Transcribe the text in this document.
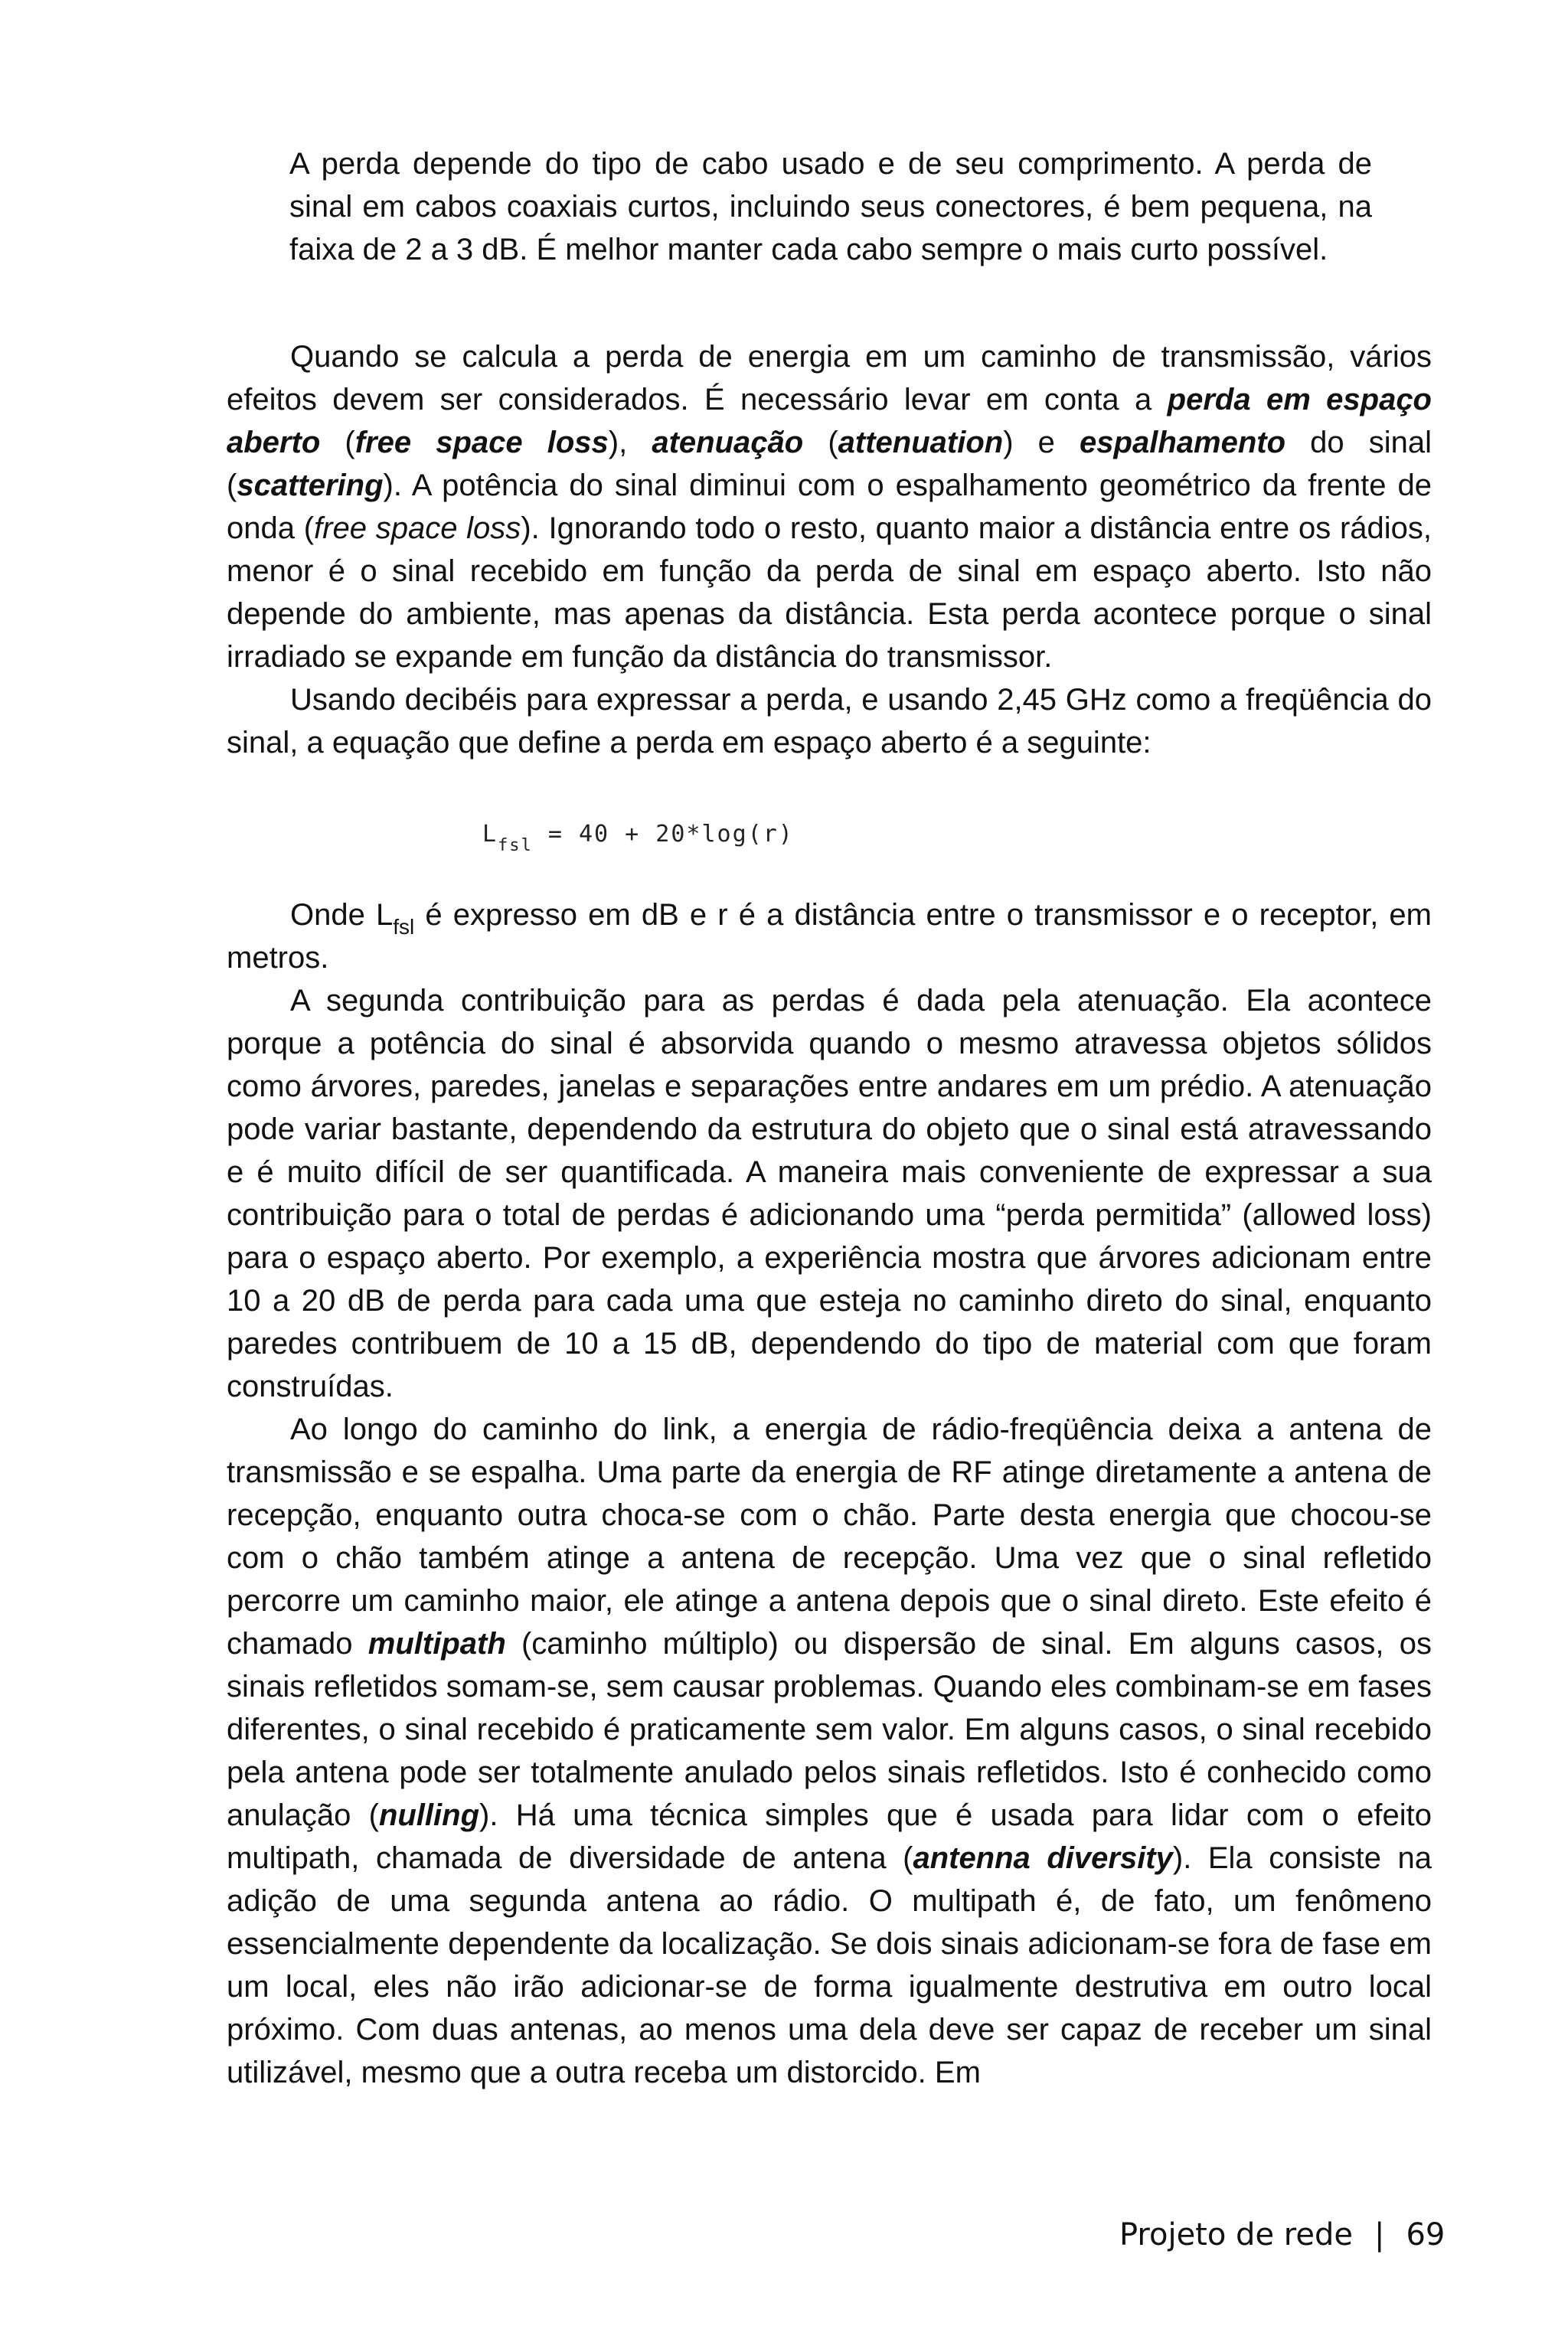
A perda depende do tipo de cabo usado e de seu comprimento. A perda de sinal em cabos coaxiais curtos, incluindo seus conectores, é bem pequena, na faixa de 2 a 3 dB. É melhor manter cada cabo sempre o mais curto possível.

Quando se calcula a perda de energia em um caminho de transmissão, vários efeitos devem ser considerados. É necessário levar em conta a perda em espaço aberto (free space loss), atenuação (attenuation) e espalhamento do sinal (scattering). A potência do sinal diminui com o espalhamento geométrico da frente de onda (free space loss). Ignorando todo o resto, quanto maior a distância entre os rádios, menor é o sinal recebido em função da perda de sinal em espaço aberto. Isto não depende do ambiente, mas apenas da distância. Esta perda acontece porque o sinal irradiado se expande em função da distância do transmissor.

Usando decibéis para expressar a perda, e usando 2,45 GHz como a freqüência do sinal, a equação que define a perda em espaço aberto é a seguinte:

$L_{fsl} = 40 + 20*\log(r)$

Onde $L_{fsl}$ é expresso em dB e r é a distância entre o transmissor e o receptor, em metros.

A segunda contribuição para as perdas é dada pela atenuação. Ela acontece porque a potência do sinal é absorvida quando o mesmo atravessa objetos sólidos como árvores, paredes, janelas e separações entre andares em um prédio. A atenuação pode variar bastante, dependendo da estrutura do objeto que o sinal está atravessando e é muito difícil de ser quantificada. A maneira mais conveniente de expressar a sua contribuição para o total de perdas é adicionando uma “perda permitida” (allowed loss) para o espaço aberto. Por exemplo, a experiência mostra que árvores adicionam entre 10 a 20 dB de perda para cada uma que esteja no caminho direto do sinal, enquanto paredes contribuem de 10 a 15 dB, dependendo do tipo de material com que foram construídas.

Ao longo do caminho do link, a energia de rádio-freqüência deixa a antena de transmissão e se espalha. Uma parte da energia de RF atinge diretamente a antena de recepção, enquanto outra choca-se com o chão. Parte desta energia que chocou-se com o chão também atinge a antena de recepção. Uma vez que o sinal refletido percorre um caminho maior, ele atinge a antena depois que o sinal direto. Este efeito é chamado multipath (caminho múltiplo) ou dispersão de sinal. Em alguns casos, os sinais refletidos somam-se, sem causar problemas. Quando eles combinam-se em fases diferentes, o sinal recebido é praticamente sem valor. Em alguns casos, o sinal recebido pela antena pode ser totalmente anulado pelos sinais refletidos. Isto é conhecido como anulação (nulling). Há uma técnica simples que é usada para lidar com o efeito multipath, chamada de diversidade de antena (antenna diversity). Ela consiste na adição de uma segunda antena ao rádio. O multipath é, de fato, um fenômeno essencialmente dependente da localização. Se dois sinais adicionam-se fora de fase em um local, eles não irão adicionar-se de forma igualmente destrutiva em outro local próximo. Com duas antenas, ao menos uma dela deve ser capaz de receber um sinal utilizável, mesmo que a outra receba um distorcido. Em

Projeto de rede | 69
